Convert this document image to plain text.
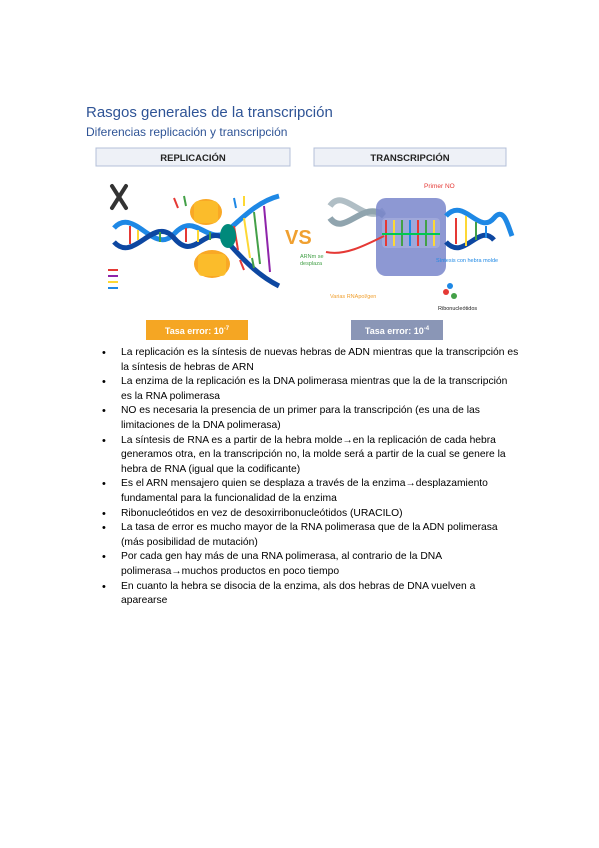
Rasgos generales de la transcripción
Diferencias replicación y transcripción
REPLICACIÓN	TRANSCRIPCIÓN
VS
Primer NO
ARNm se
desplaza	Síntesis con hebra molde
Varias RNApol/gen
Ribonucleótidos
Tasa error: $10^{-7}$	Tasa error: $10^{-4}$
• La replicación es la síntesis de nuevas hebras de ADN mientras que la transcripción es la síntesis de hebras de ARN
• La enzima de la replicación es la DNA polimerasa mientras que la de la transcripción es la RNA polimerasa
• NO es necesaria la presencia de un primer para la transcripción (es una de las limitaciones de la DNA polimerasa)
• La síntesis de RNA es a partir de la hebra molde→en la replicación de cada hebra generamos otra, en la transcripción no, la molde será a partir de la cual se genere la hebra de RNA (igual que la codificante)
• Es el ARN mensajero quien se desplaza a través de la enzima→desplazamiento fundamental para la funcionalidad de la enzima
• Ribonucleótidos en vez de desoxirribonucleótidos (URACILO)
• La tasa de error es mucho mayor de la RNA polimerasa que de la ADN polimerasa (más posibilidad de mutación)
• Por cada gen hay más de una RNA polimerasa, al contrario de la DNA polimerasa→muchos productos en poco tiempo
• En cuanto la hebra se disocia de la enzima, als dos hebras de DNA vuelven a aparearse
